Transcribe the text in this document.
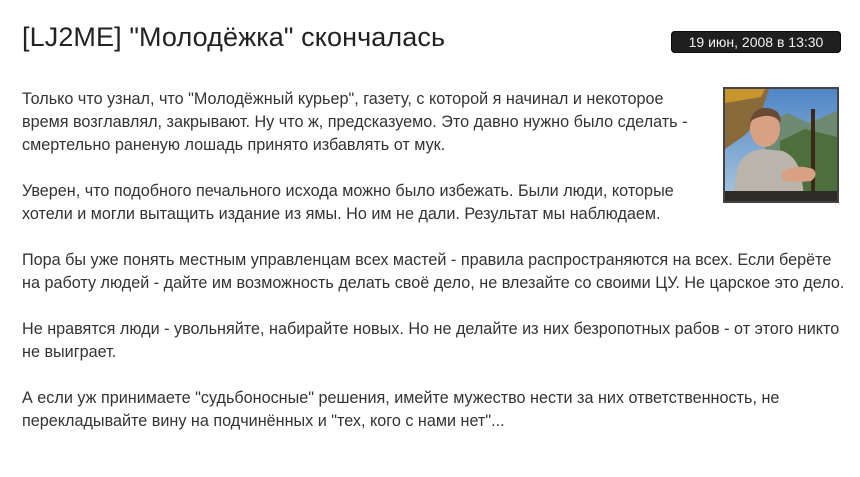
[LJ2ME] "Молодёжка" скончалась	19 июн, 2008 в 13:30

Только что узнал, что "Молодёжный курьер", газету, с которой я начинал и некоторое время возглавлял, закрывают. Ну что ж, предсказуемо. Это давно нужно было сделать - смертельно раненую лошадь принято избавлять от мук.

Уверен, что подобного печального исхода можно было избежать. Были люди, которые хотели и могли вытащить издание из ямы. Но им не дали. Результат мы наблюдаем.

Пора бы уже понять местным управленцам всех мастей - правила распространяются на всех. Если берёте на работу людей - дайте им возможность делать своё дело, не влезайте со своими ЦУ. Не царское это дело.

Не нравятся люди - увольняйте, набирайте новых. Но не делайте из них безропотных рабов - от этого никто не выиграет.

А если уж принимаете "судьбоносные" решения, имейте мужество нести за них ответственность, не перекладывайте вину на подчинённых и "тех, кого с нами нет"...
